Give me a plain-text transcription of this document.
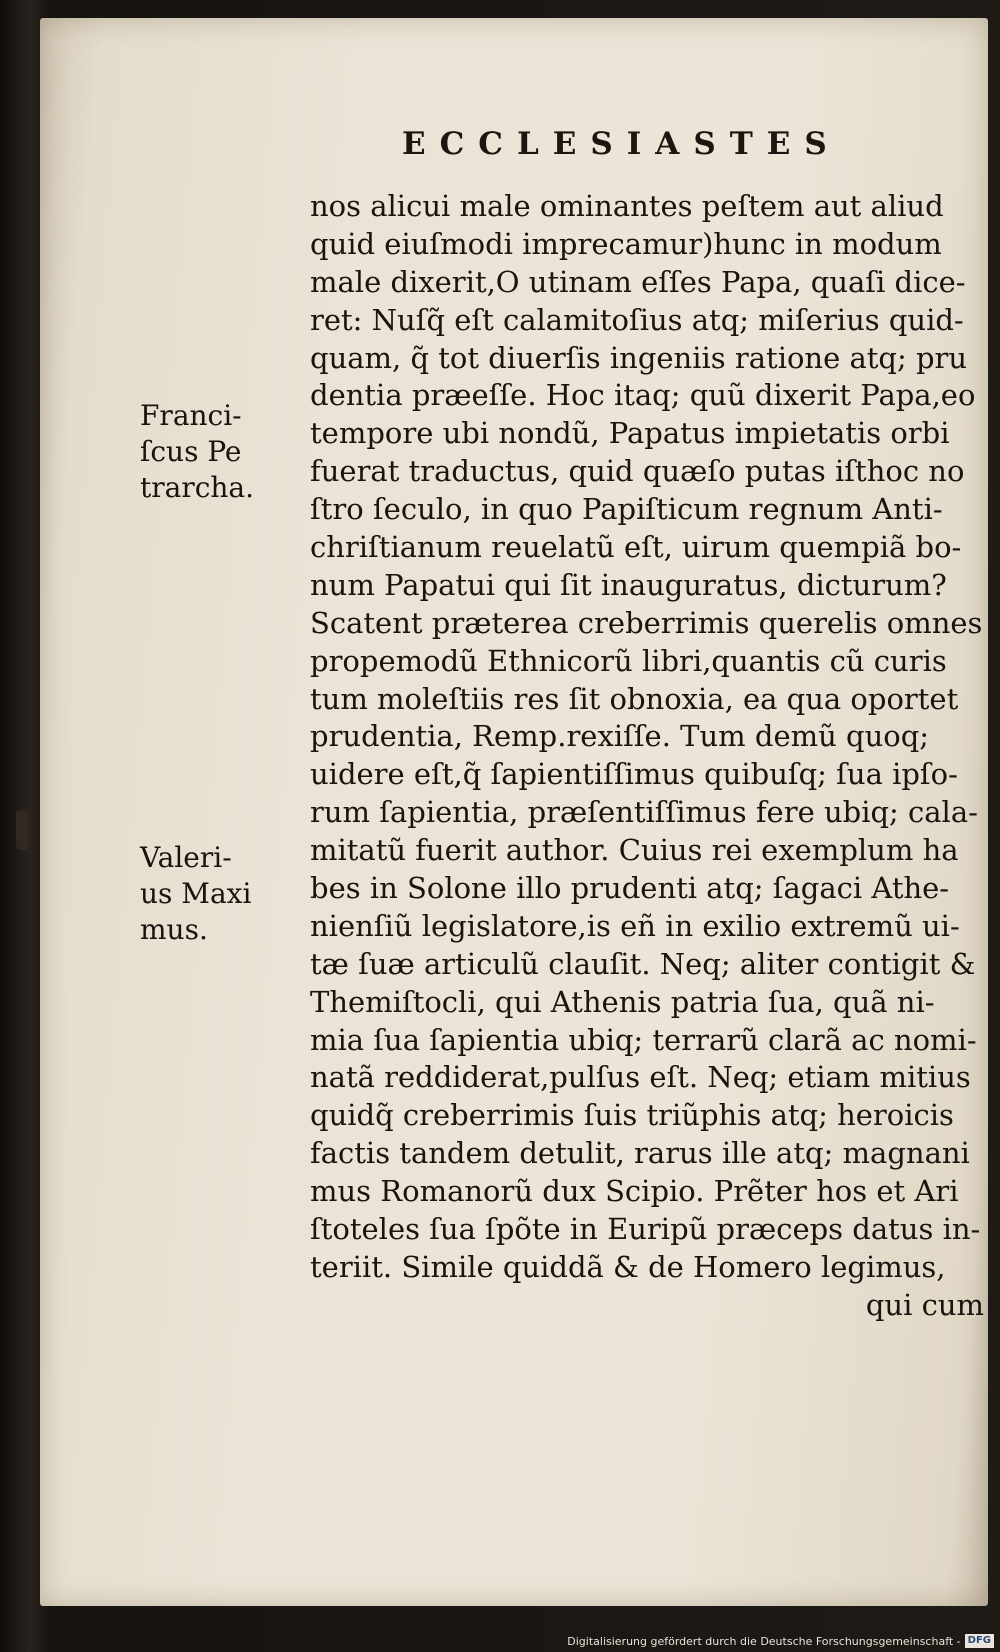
ECCLESIASTES
nos alicui male ominantes peſtem aut aliud
quid eiuſmodi imprecamur)hunc in modum
male dixerit,O utinam eſſes Papa, quaſi dice‑
ret: Nuſq̃ eſt calamitoſius atq; miſerius quid‑
quam, q̃ tot diuerſis ingeniis ratione atq; pru
dentia præeſſe. Hoc itaq; quũ dixerit Papa,eo
tempore ubi nondũ, Papatus impietatis orbi
fuerat traductus, quid quæſo putas iſthoc no
ſtro ſeculo, in quo Papiſticum regnum Anti‑
chriſtianum reuelatũ eſt, uirum quempiã bo‑
num Papatui qui ſit inauguratus, dicturum?
Scatent præterea creberrimis querelis omnes
propemodũ Ethnicorũ libri,quantis cũ curis
tum moleſtiis res ſit obnoxia, ea qua oportet
prudentia, Remp.rexiſſe. Tum demũ quoq;
uidere eſt,q̃ ſapientiſſimus quibuſq; ſua ipſo‑
rum ſapientia, præſentiſſimus fere ubiq; cala‑
mitatũ fuerit author. Cuius rei exemplum ha
bes in Solone illo prudenti atq; ſagaci Athe‑
nienſiũ legislatore,is eñ in exilio extremũ ui‑
tæ ſuæ articulũ clauſit. Neq; aliter contigit &
Themiſtocli, qui Athenis patria ſua, quã ni‑
mia ſua ſapientia ubiq; terrarũ clarã ac nomi‑
natã reddiderat,pulſus eſt. Neq; etiam mitius
quidq̃ creberrimis ſuis triũphis atq; heroicis
factis tandem detulit, rarus ille atq; magnani
mus Romanorũ dux Scipio. Prẽter hos et Ari
ſtoteles ſua ſpõte in Euripũ præceps datus in‑
teriit. Simile quiddã & de Homero legimus,
qui cum
Franci‑
ſcus Pe
trarcha.
Valeri‑
us Maxi
mus.
Digitalisierung gefördert durch die Deutsche Forschungsgemeinschaft - DFG
